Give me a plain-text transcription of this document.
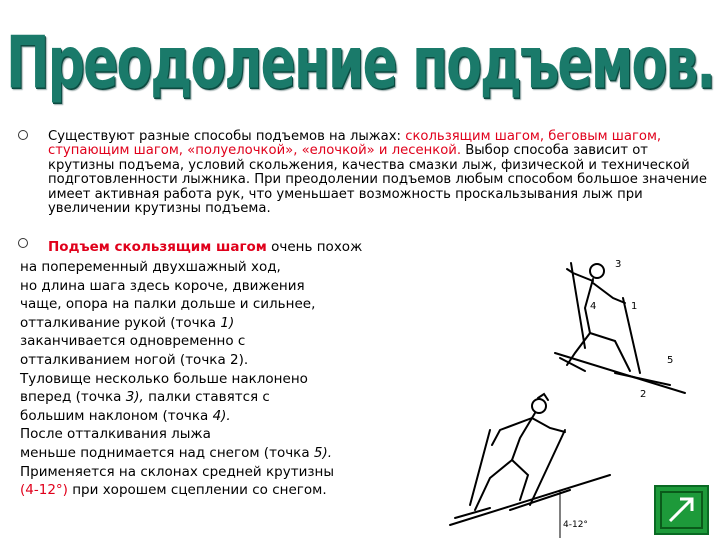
Преодоление подъемов.

Существуют разные способы подъемов на лыжах: скользящим шагом, беговым шагом, ступающим шагом, «полуелочкой», «елочкой» и лесенкой. Выбор способа зависит от крутизны подъема, условий скольжения, качества смазки лыж, физической и технической подготовленности лыжника. При преодолении подъемов любым способом большое значение имеет активная работа рук, что уменьшает возможность проскальзывания лыж при увеличении крутизны подъема.

Подъем скользящим шагом очень похож
на попеременный двухшажный ход,
но длина шага здесь короче, движения
чаще, опора на палки дольше и сильнее,
отталкивание рукой (точка 1)
заканчивается одновременно с
отталкиванием ногой (точка 2).
Туловище несколько больше наклонено
вперед (точка 3), палки ставятся с
большим наклоном (точка 4).
После отталкивания лыжа
меньше поднимается над снегом (точка 5).
Применяется на склонах средней крутизны
(4-12°) при хорошем сцеплении со снегом.
3
4	1
5
2
4-12°
